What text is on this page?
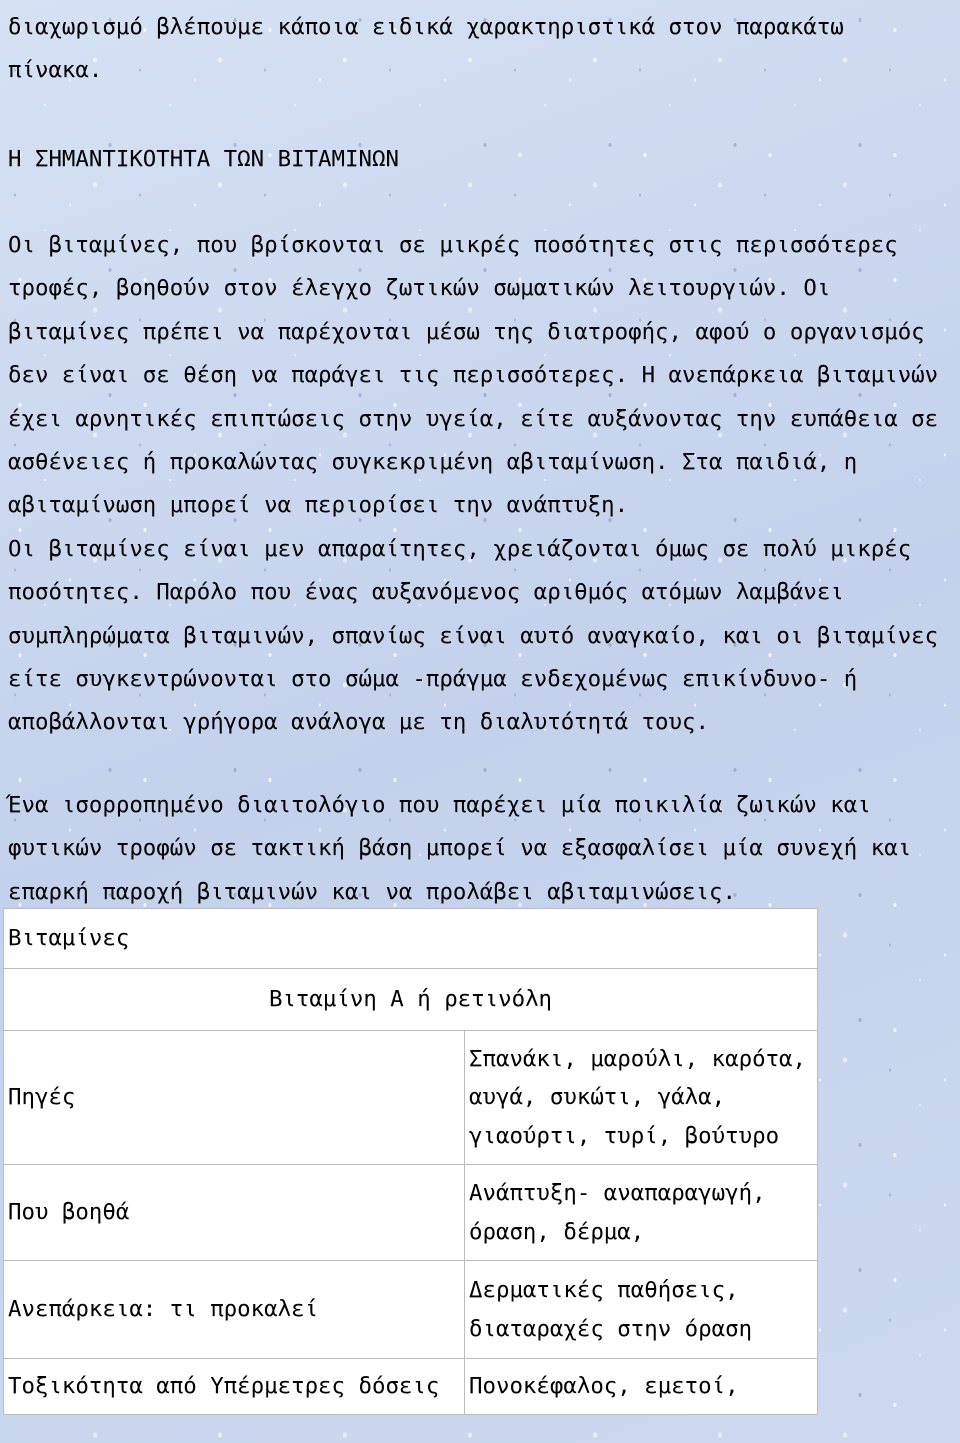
διαχωρισμό βλέπουμε κάποια ειδικά χαρακτηριστικά στον παρακάτω
πίνακα.

Η ΣΗΜΑΝΤΙΚΟΤΗΤΑ ΤΩΝ ΒΙΤΑΜΙΝΩΝ

Οι βιταμίνες, που βρίσκονται σε μικρές ποσότητες στις περισσότερες
τροφές, βοηθούν στον έλεγχο ζωτικών σωματικών λειτουργιών. Οι
βιταμίνες πρέπει να παρέχονται μέσω της διατροφής, αφού ο οργανισμός
δεν είναι σε θέση να παράγει τις περισσότερες. Η ανεπάρκεια βιταμινών
έχει αρνητικές επιπτώσεις στην υγεία, είτε αυξάνοντας την ευπάθεια σε
ασθένειες ή προκαλώντας συγκεκριμένη αβιταμίνωση. Στα παιδιά, η
αβιταμίνωση μπορεί να περιορίσει την ανάπτυξη.
Οι βιταμίνες είναι μεν απαραίτητες, χρειάζονται όμως σε πολύ μικρές
ποσότητες. Παρόλο που ένας αυξανόμενος αριθμός ατόμων λαμβάνει
συμπληρώματα βιταμινών, σπανίως είναι αυτό αναγκαίο, και οι βιταμίνες
είτε συγκεντρώνονται στο σώμα -πράγμα ενδεχομένως επικίνδυνο- ή
αποβάλλονται γρήγορα ανάλογα με τη διαλυτότητά τους.

Ένα ισορροπημένο διαιτολόγιο που παρέχει μία ποικιλία ζωικών και
φυτικών τροφών σε τακτική βάση μπορεί να εξασφαλίσει μία συνεχή και
επαρκή παροχή βιταμινών και να προλάβει αβιταμινώσεις.

Βιταμίνες	
Βιταμίνη Α ή ρετινόλη	
Πηγές	Σπανάκι, μαρούλι, καρότα,
αυγά, συκώτι, γάλα,
γιαούρτι, τυρί, βούτυρο
Που βοηθά	Ανάπτυξη- αναπαραγωγή,
όραση, δέρμα,
Ανεπάρκεια: τι προκαλεί	Δερματικές παθήσεις,
διαταραχές στην όραση
Τοξικότητα από Υπέρμετρες δόσεις	Πονοκέφαλος, εμετοί,
